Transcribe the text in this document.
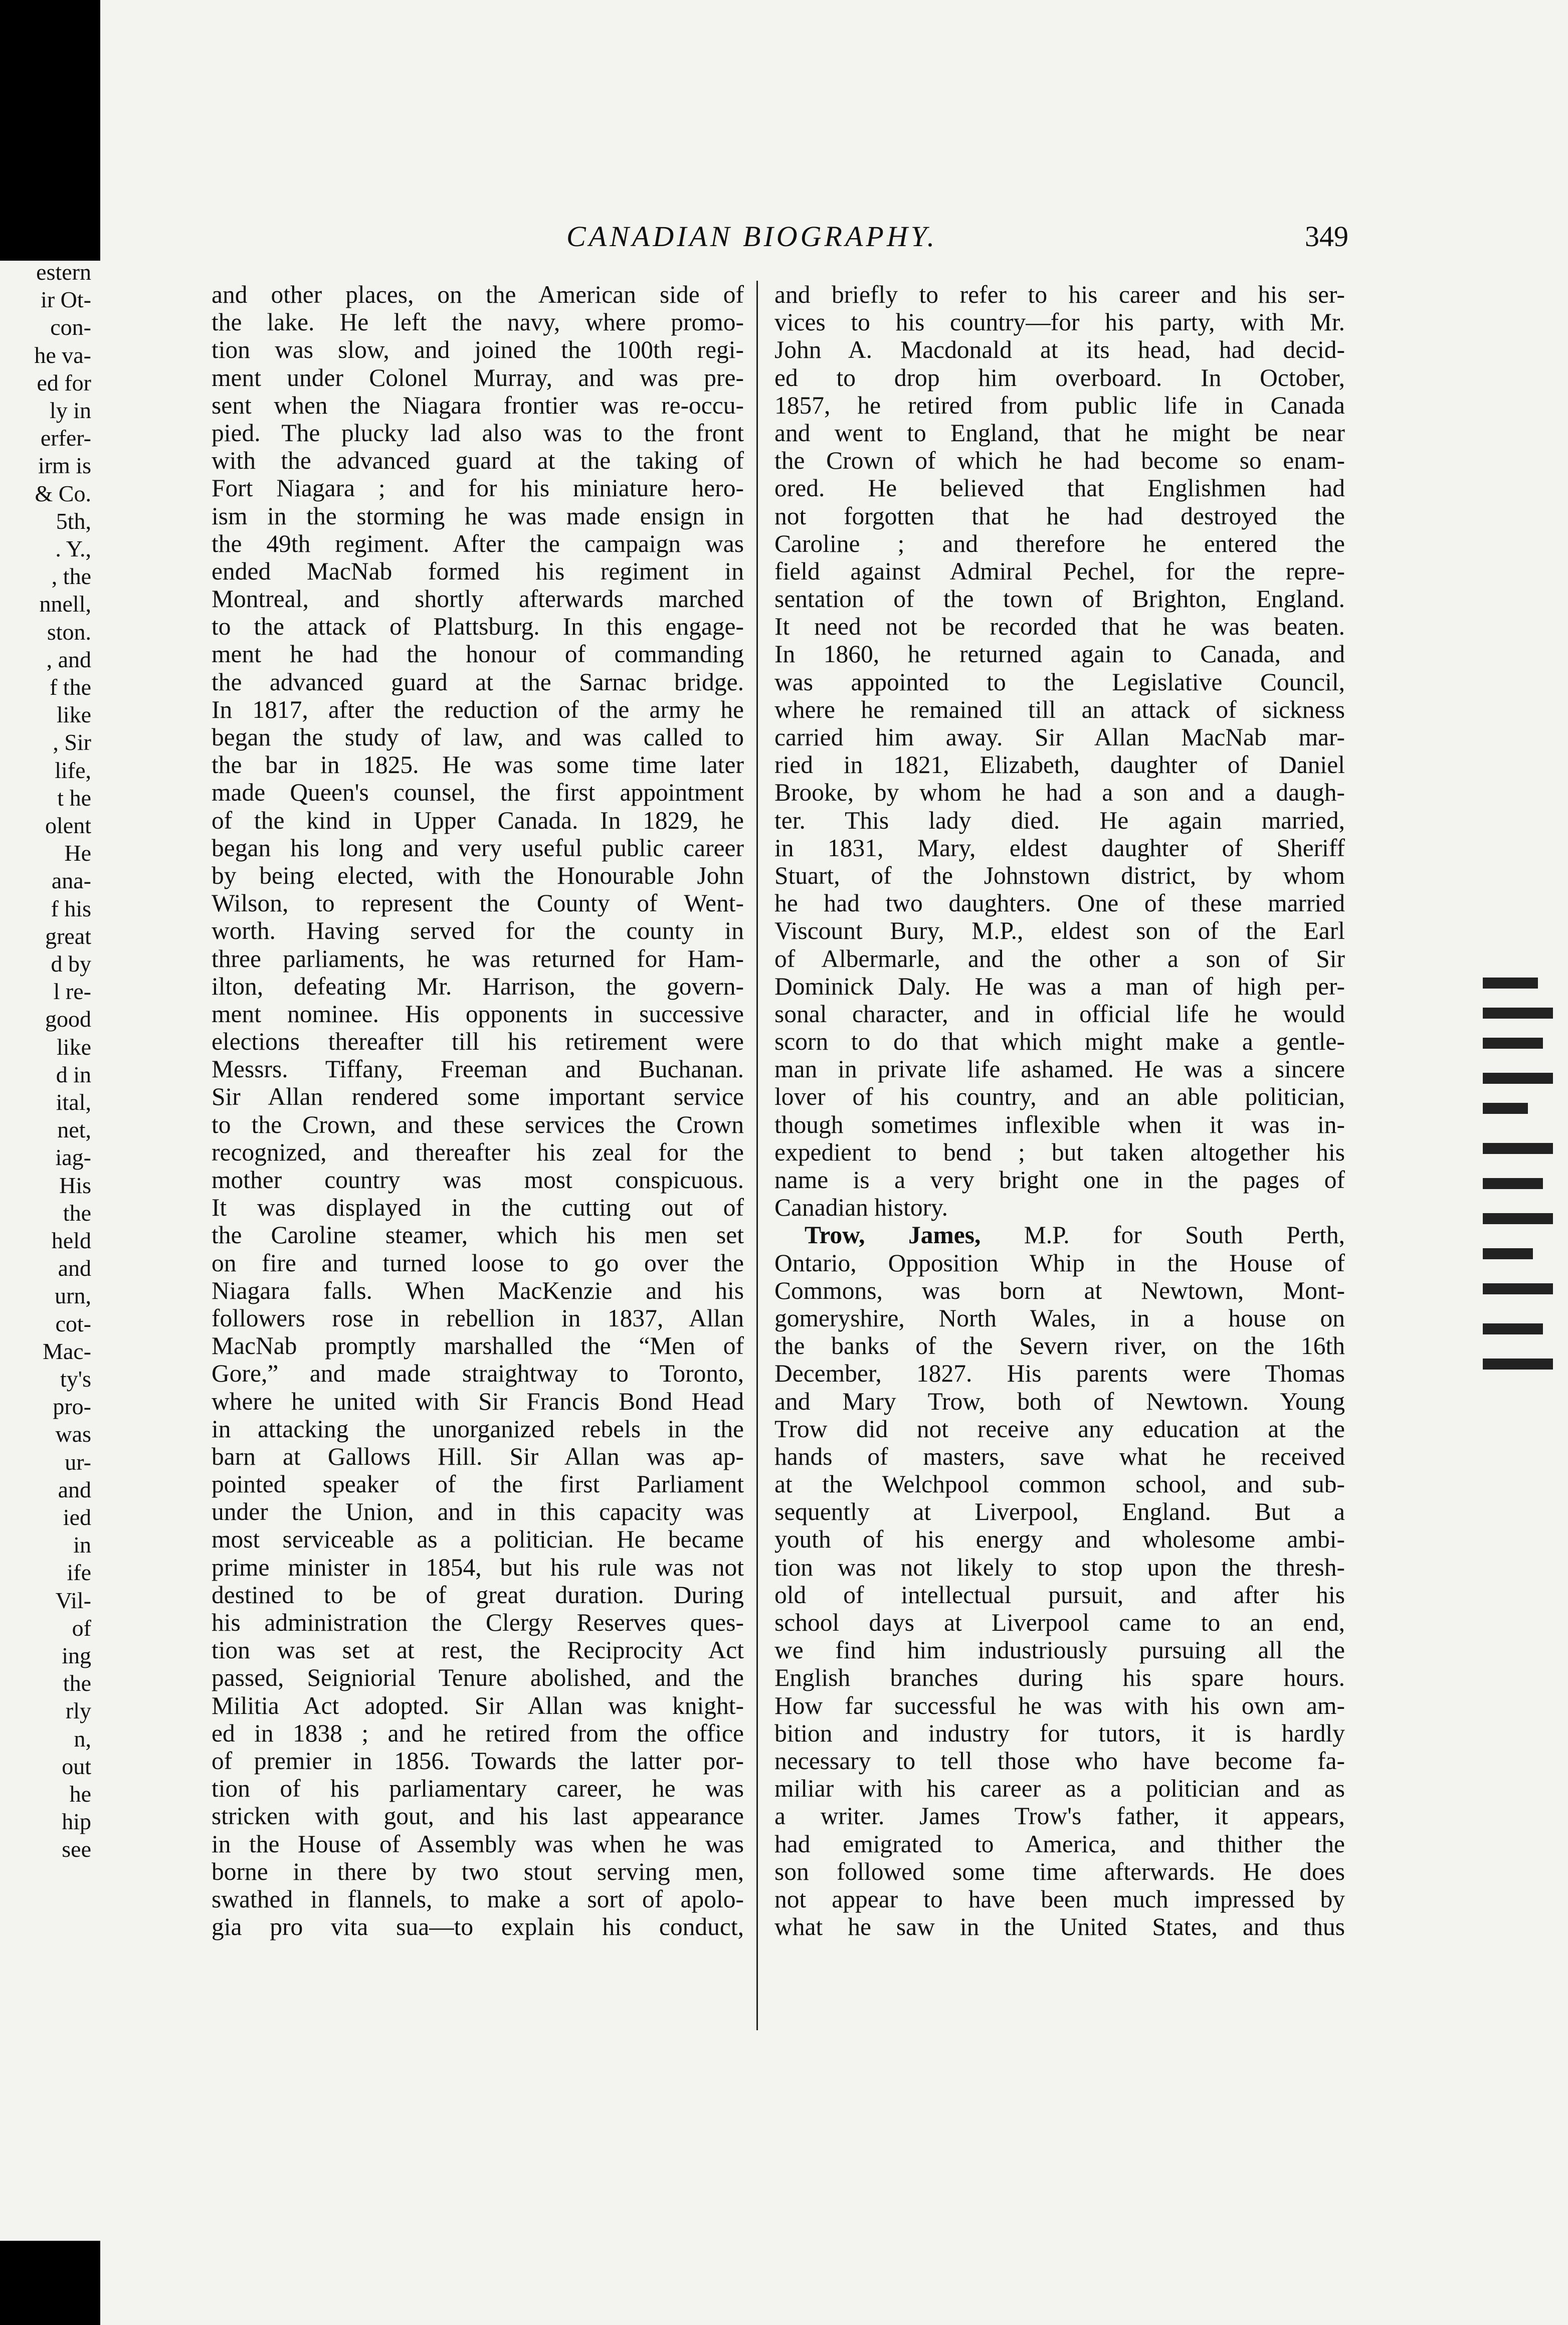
CANADIAN BIOGRAPHY.	349
and other places, on the American side of
the lake. He left the navy, where promo-
tion was slow, and joined the 100th regi-
ment under Colonel Murray, and was pre-
sent when the Niagara frontier was re-occu-
pied. The plucky lad also was to the front
with the advanced guard at the taking of
Fort Niagara ; and for his miniature hero-
ism in the storming he was made ensign in
the 49th regiment. After the campaign was
ended MacNab formed his regiment in
Montreal, and shortly afterwards marched
to the attack of Plattsburg. In this engage-
ment he had the honour of commanding
the advanced guard at the Sarnac bridge.
In 1817, after the reduction of the army he
began the study of law, and was called to
the bar in 1825. He was some time later
made Queen's counsel, the first appointment
of the kind in Upper Canada. In 1829, he
began his long and very useful public career
by being elected, with the Honourable John
Wilson, to represent the County of Went-
worth. Having served for the county in
three parliaments, he was returned for Ham-
ilton, defeating Mr. Harrison, the govern-
ment nominee. His opponents in successive
elections thereafter till his retirement were
Messrs. Tiffany, Freeman and Buchanan.
Sir Allan rendered some important service
to the Crown, and these services the Crown
recognized, and thereafter his zeal for the
mother country was most conspicuous.
It was displayed in the cutting out of
the Caroline steamer, which his men set
on fire and turned loose to go over the
Niagara falls. When MacKenzie and his
followers rose in rebellion in 1837, Allan
MacNab promptly marshalled the “Men of
Gore,” and made straightway to Toronto,
where he united with Sir Francis Bond Head
in attacking the unorganized rebels in the
barn at Gallows Hill. Sir Allan was ap-
pointed speaker of the first Parliament
under the Union, and in this capacity was
most serviceable as a politician. He became
prime minister in 1854, but his rule was not
destined to be of great duration. During
his administration the Clergy Reserves ques-
tion was set at rest, the Reciprocity Act
passed, Seigniorial Tenure abolished, and the
Militia Act adopted. Sir Allan was knight-
ed in 1838 ; and he retired from the office
of premier in 1856. Towards the latter por-
tion of his parliamentary career, he was
stricken with gout, and his last appearance
in the House of Assembly was when he was
borne in there by two stout serving men,
swathed in flannels, to make a sort of apolo-
gia pro vita sua—to explain his conduct,
and briefly to refer to his career and his ser-
vices to his country—for his party, with Mr.
John A. Macdonald at its head, had decid-
ed to drop him overboard. In October,
1857, he retired from public life in Canada
and went to England, that he might be near
the Crown of which he had become so enam-
ored. He believed that Englishmen had
not forgotten that he had destroyed the
Caroline ; and therefore he entered the
field against Admiral Pechel, for the repre-
sentation of the town of Brighton, England.
It need not be recorded that he was beaten.
In 1860, he returned again to Canada, and
was appointed to the Legislative Council,
where he remained till an attack of sickness
carried him away. Sir Allan MacNab mar-
ried in 1821, Elizabeth, daughter of Daniel
Brooke, by whom he had a son and a daugh-
ter. This lady died. He again married,
in 1831, Mary, eldest daughter of Sheriff
Stuart, of the Johnstown district, by whom
he had two daughters. One of these married
Viscount Bury, M.P., eldest son of the Earl
of Albermarle, and the other a son of Sir
Dominick Daly. He was a man of high per-
sonal character, and in official life he would
scorn to do that which might make a gentle-
man in private life ashamed. He was a sincere
lover of his country, and an able politician,
though sometimes inflexible when it was in-
expedient to bend ; but taken altogether his
name is a very bright one in the pages of
Canadian history.
Trow, James, M.P. for South Perth,
Ontario, Opposition Whip in the House of
Commons, was born at Newtown, Mont-
gomeryshire, North Wales, in a house on
the banks of the Severn river, on the 16th
December, 1827. His parents were Thomas
and Mary Trow, both of Newtown. Young
Trow did not receive any education at the
hands of masters, save what he received
at the Welchpool common school, and sub-
sequently at Liverpool, England. But a
youth of his energy and wholesome ambi-
tion was not likely to stop upon the thresh-
old of intellectual pursuit, and after his
school days at Liverpool came to an end,
we find him industriously pursuing all the
English branches during his spare hours.
How far successful he was with his own am-
bition and industry for tutors, it is hardly
necessary to tell those who have become fa-
miliar with his career as a politician and as
a writer. James Trow's father, it appears,
had emigrated to America, and thither the
son followed some time afterwards. He does
not appear to have been much impressed by
what he saw in the United States, and thus
estern
ir Ot-
con-
he va-
ed for
ly in
erfer-
irm is
& Co.
5th,
. Y.,
, the
nnell,
ston.
, and
f the
like
, Sir
life,
t he
olent
He
ana-
f his
great
d by
l re-
good
like
d in
ital,
net,
iag-
His
the
held
and
urn,
cot-
Mac-
ty's
pro-
was
ur-
and
ied
in
ife
Vil-
of
ing
the
rly
n,
out
he
hip
see
